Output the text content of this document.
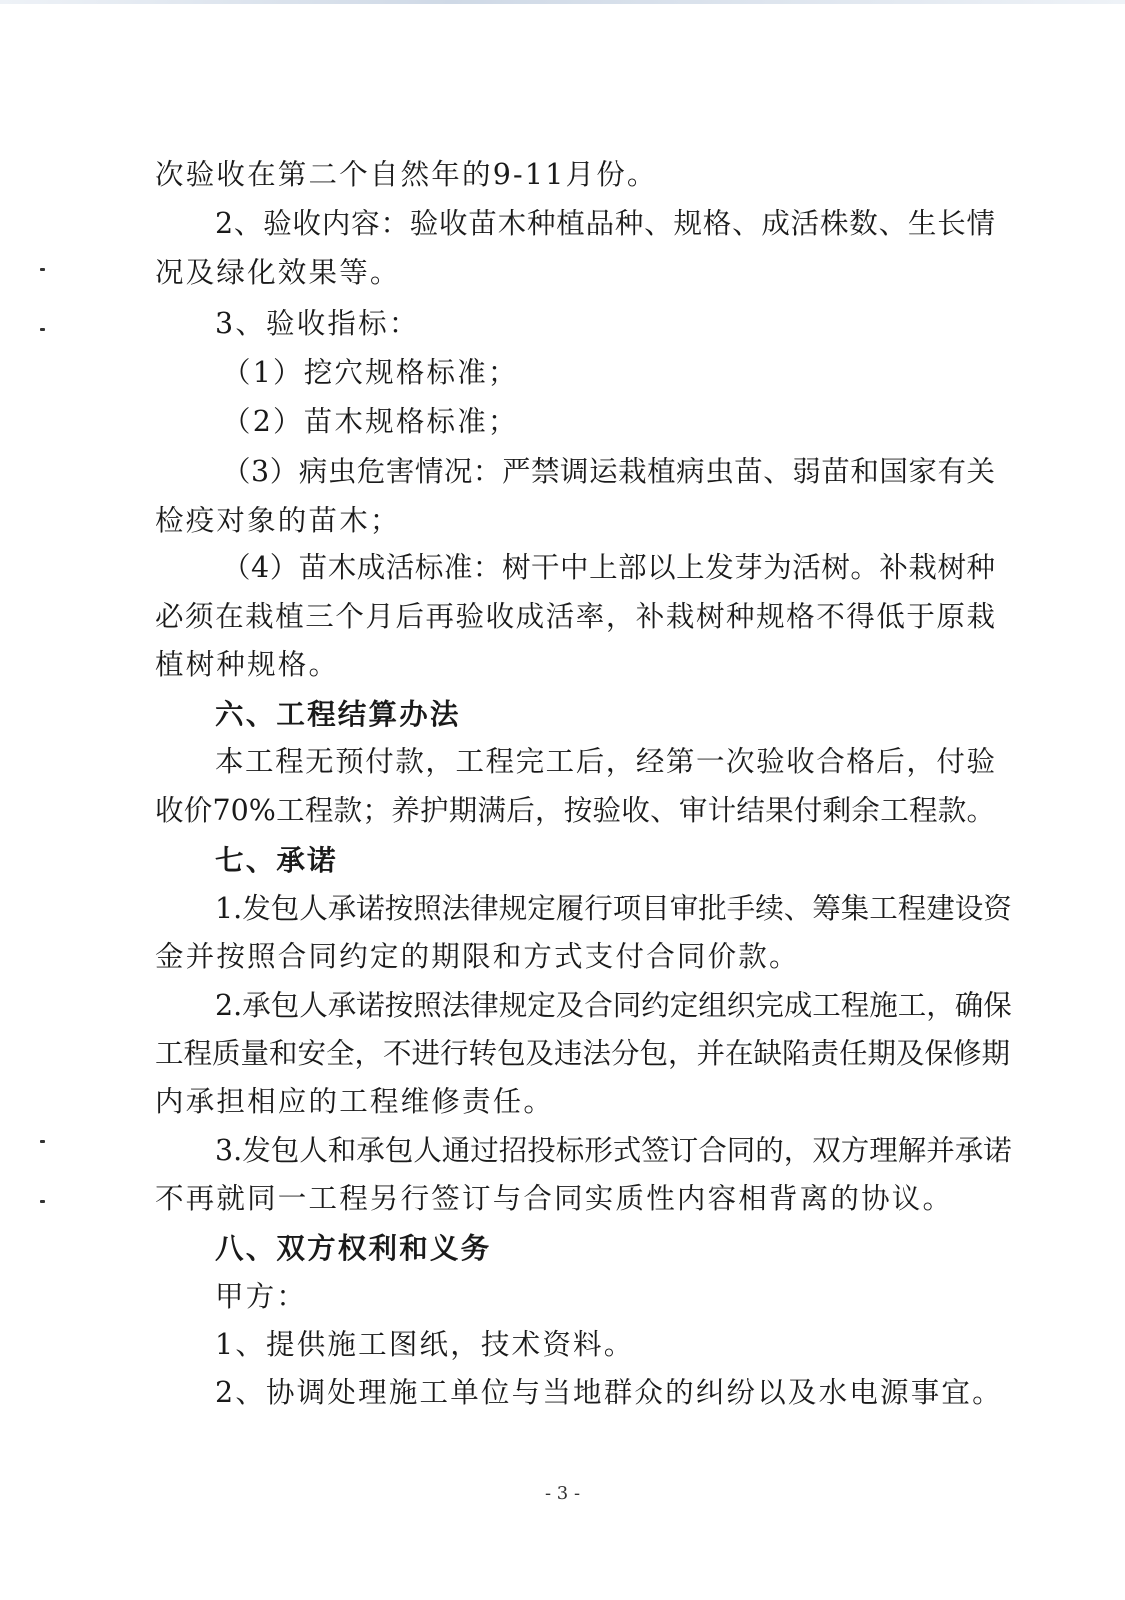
次验收在第二个自然年的9-11月份。
2、验收内容：验收苗木种植品种、规格、成活株数、生长情
况及绿化效果等。
3、验收指标：
（1）挖穴规格标准；
（2）苗木规格标准；
（3）病虫危害情况：严禁调运栽植病虫苗、弱苗和国家有关
检疫对象的苗木；
（4）苗木成活标准：树干中上部以上发芽为活树。补栽树种
必须在栽植三个月后再验收成活率，补栽树种规格不得低于原栽
植树种规格。
六、工程结算办法
本工程无预付款，工程完工后，经第一次验收合格后，付验
收价70%工程款；养护期满后，按验收、审计结果付剩余工程款。
七、承诺
1.发包人承诺按照法律规定履行项目审批手续、筹集工程建设资
金并按照合同约定的期限和方式支付合同价款。
2.承包人承诺按照法律规定及合同约定组织完成工程施工，确保
工程质量和安全，不进行转包及违法分包，并在缺陷责任期及保修期
内承担相应的工程维修责任。
3.发包人和承包人通过招投标形式签订合同的，双方理解并承诺
不再就同一工程另行签订与合同实质性内容相背离的协议。
八、双方权利和义务
甲方：
1、提供施工图纸，技术资料。
2、协调处理施工单位与当地群众的纠纷以及水电源事宜。
- 3 -
